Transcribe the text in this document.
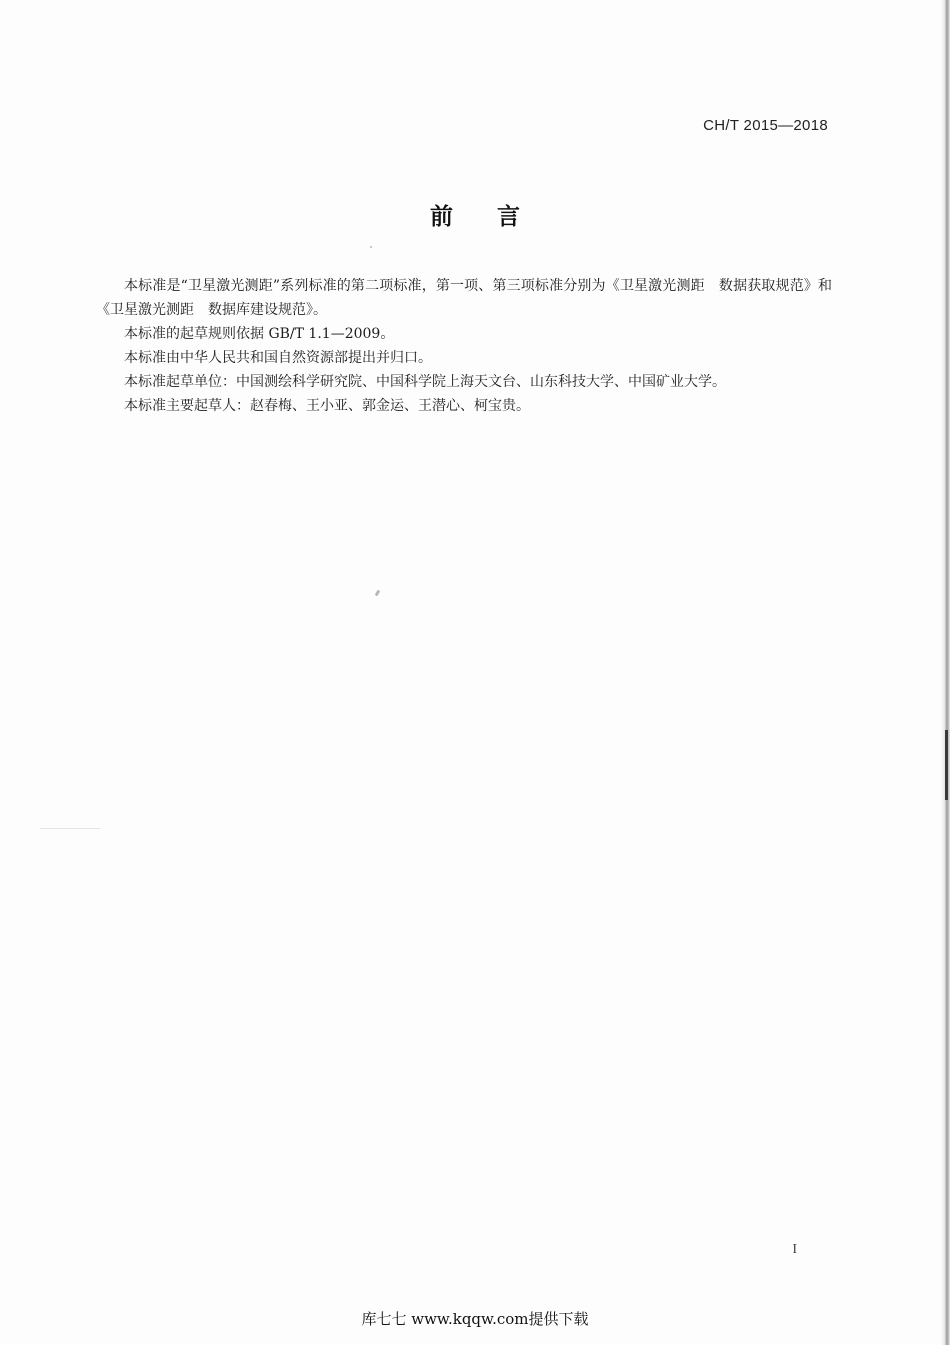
CH/T 2015—2018
前言

本标准是“卫星激光测距”系列标准的第二项标准，第一项、第三项标准分别为《卫星激光测距　数据获取规范》和《卫星激光测距　数据库建设规范》。

本标准的起草规则依据 GB/T 1.1—2009。

本标准由中华人民共和国自然资源部提出并归口。

本标准起草单位：中国测绘科学研究院、中国科学院上海天文台、山东科技大学、中国矿业大学。

本标准主要起草人：赵春梅、王小亚、郭金运、王潜心、柯宝贵。

I
库七七 www.kqqw.com提供下载
